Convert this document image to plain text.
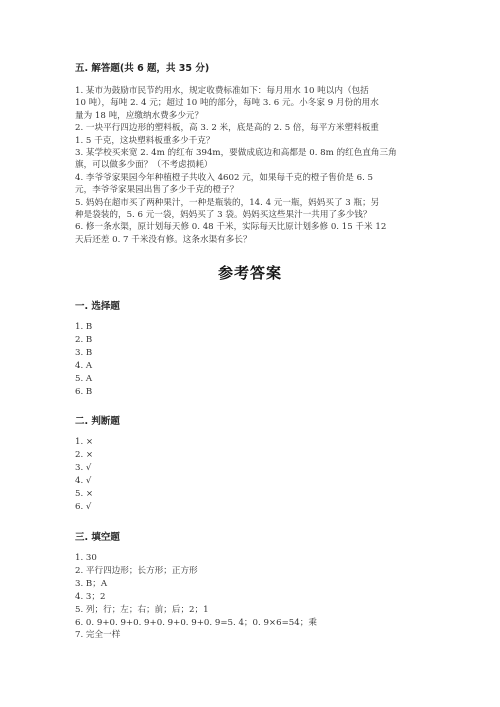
五. 解答题(共 6 题，共 35 分)
1. 某市为鼓励市民节约用水，规定收费标准如下：每月用水 10 吨以内（包括
10 吨），每吨 2. 4 元；超过 10 吨的部分，每吨 3. 6 元。小冬家 9 月份的用水
量为 18 吨，应缴纳水费多少元？
2. 一块平行四边形的塑料板，高 3. 2 米，底是高的 2. 5 倍，每平方米塑料板重
1. 5 千克，这块塑料板重多少千克？
3. 某学校买来宽 2. 4m 的红布 394m，要做成底边和高都是 0. 8m 的红色直角三角
旗，可以做多少面？（不考虑损耗）
4. 李爷爷家果园今年种植橙子共收入 4602 元，如果每千克的橙子售价是 6. 5
元，李爷爷家果园出售了多少千克的橙子？
5. 妈妈在超市买了两种果汁，一种是瓶装的，14. 4 元一瓶，妈妈买了 3 瓶；另
种是袋装的，5. 6 元一袋，妈妈买了 3 袋。妈妈买这些果汁一共用了多少钱？
6. 修一条水渠，原计划每天修 0. 48 千米，实际每天比原计划多修 0. 15 千米 12
天后还差 0. 7 千米没有修。这条水渠有多长？
参考答案
一. 选择题
1. B
2. B
3. B
4. A
5. A
6. B
二. 判断题
1. ×
2. ×
3. √
4. √
5. ×
6. √
三. 填空题
1. 30
2. 平行四边形；长方形；正方形
3. B；A
4. 3；2
5. 列；行；左；右；前；后；2；1
6. 0. 9+0. 9+0. 9+0. 9+0. 9+0. 9=5. 4；0. 9×6=54；乘
7. 完全一样
